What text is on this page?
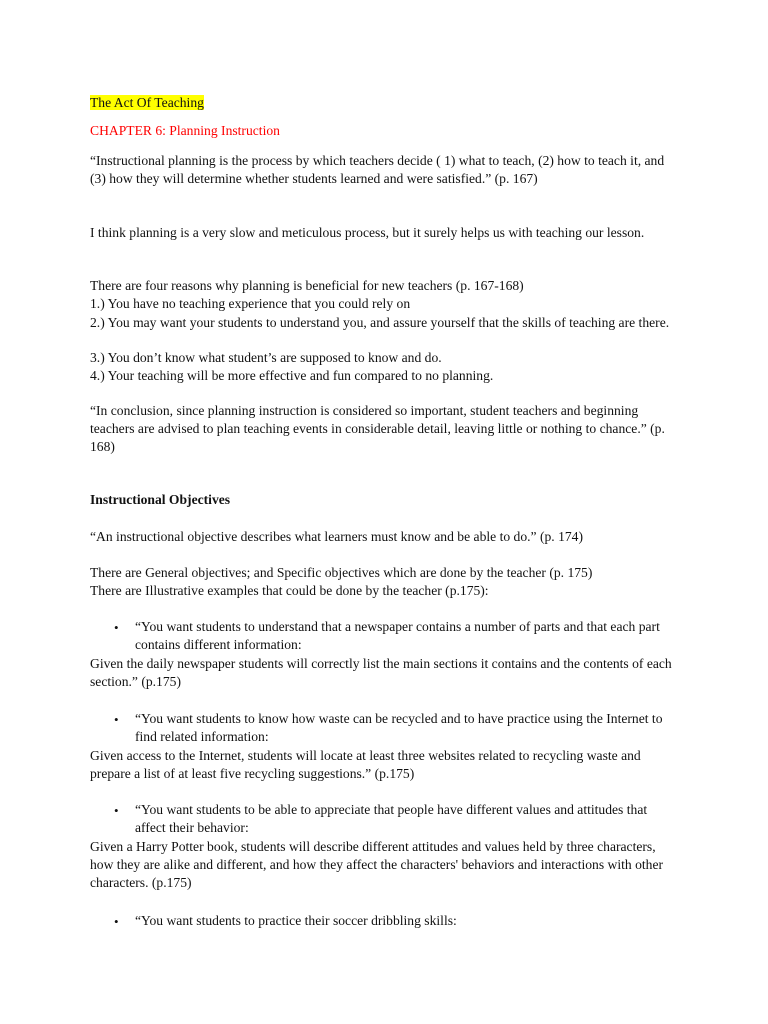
The Act Of Teaching

CHAPTER 6: Planning Instruction

“Instructional planning is the process by which teachers decide ( 1) what to teach, (2) how to teach it, and (3) how they will determine whether students learned and were satisfied.” (p. 167)

I think planning is a very slow and meticulous process, but it surely helps us with teaching our lesson.

There are four reasons why planning is beneficial for new teachers (p. 167-168)

1.) You have no teaching experience that you could rely on

2.) You may want your students to understand you, and assure yourself that the skills of teaching are there.

3.) You don’t know what student’s are supposed to know and do.

4.) Your teaching will be more effective and fun compared to no planning.

“In conclusion, since planning instruction is considered so important, student teachers and beginning teachers are advised to plan teaching events in considerable detail, leaving little or nothing to chance.” (p. 168)

Instructional Objectives

“An instructional objective describes what learners must know and be able to do.” (p. 174)

There are General objectives; and Specific objectives which are done by the teacher (p. 175)

There are Illustrative examples that could be done by the teacher (p.175):

• “You want students to understand that a newspaper contains a number of parts and that each part contains different information:

Given the daily newspaper students will correctly list the main sections it contains and the contents of each section.” (p.175)

• “You want students to know how waste can be recycled and to have practice using the Internet to find related information:

Given access to the Internet, students will locate at least three websites related to recycling waste and prepare a list of at least five recycling suggestions.” (p.175)

• “You want students to be able to appreciate that people have different values and attitudes that affect their behavior:

Given a Harry Potter book, students will describe different attitudes and values held by three characters, how they are alike and different, and how they affect the characters' behaviors and interactions with other characters. (p.175)

• “You want students to practice their soccer dribbling skills:
